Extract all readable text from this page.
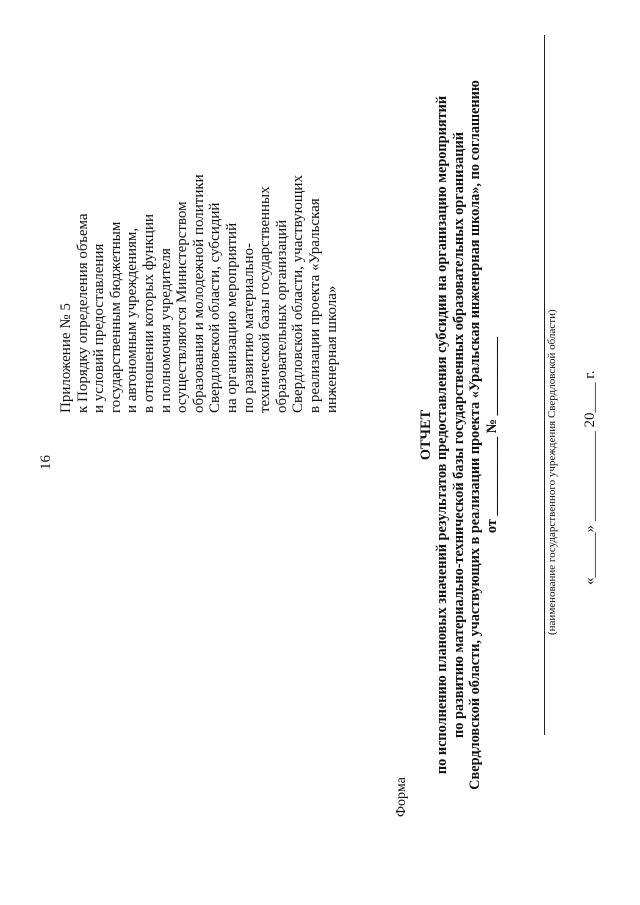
16
Приложение № 5 к Порядку определения объема и условий предоставления государственным бюджетным и автономным учреждениям, в отношении которых функции и полномочия учредителя осуществляются Министерством образования и молодежной политики Свердловской области, субсидий на организацию мероприятий по развитию материально- технической базы государственных образовательных организаций Свердловской области, участвующих в реализации проекта «Уральская инженерная школа»
Форма
ОТЧЕТ по исполнению плановых значений результатов предоставления субсидии на организацию мероприятий по развитию материально-технической базы государственных образовательных организаций Свердловской области, участвующих в реализации проекта «Уральская инженерная школа», по соглашению от ___________ № ___________	(наименование государственного учреждения Свердловской области) «______» ____________ 20____ г.
